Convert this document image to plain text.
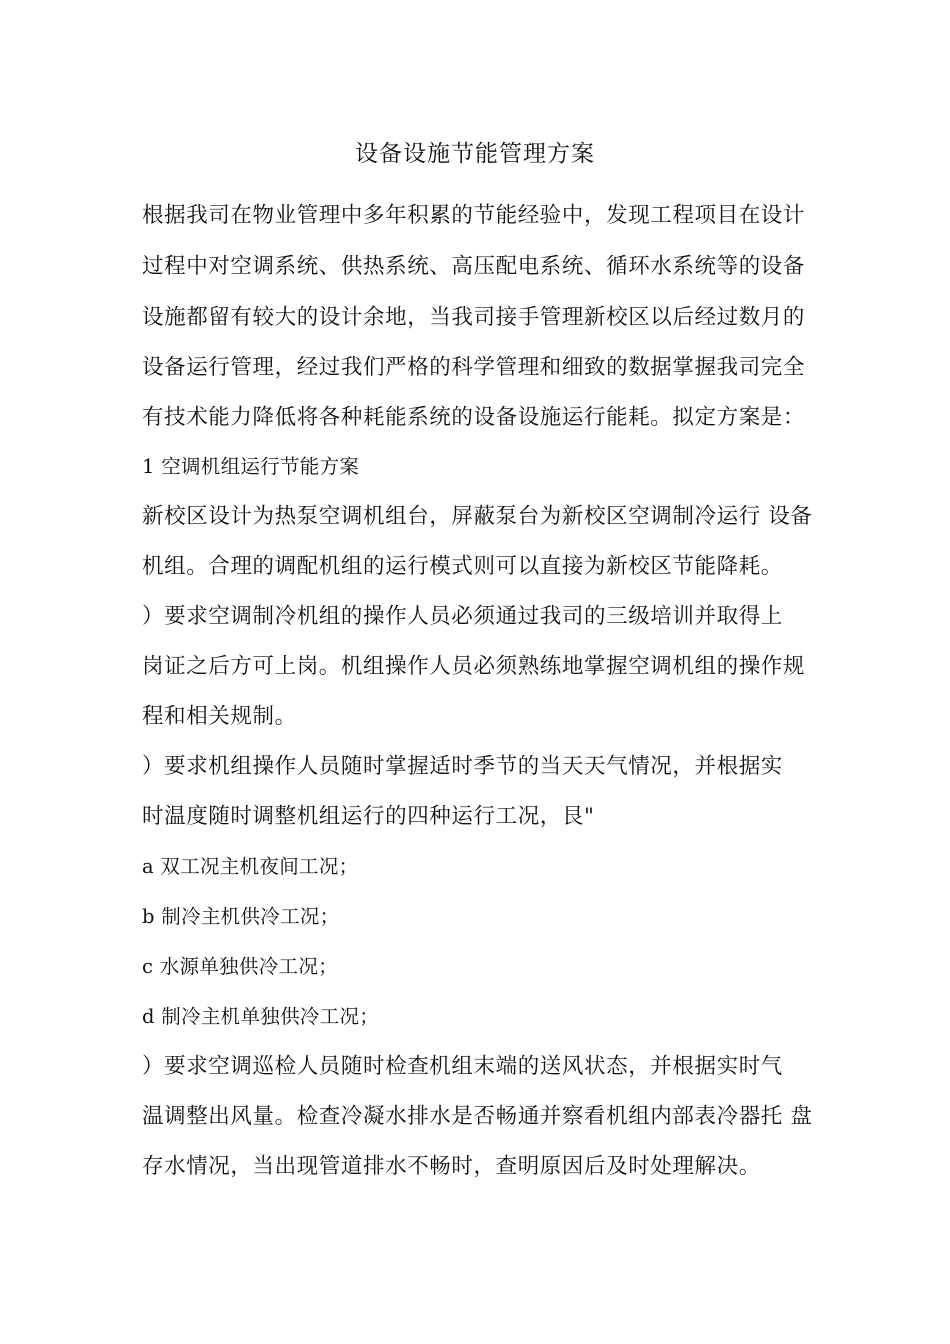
设备设施节能管理方案
根据我司在物业管理中多年积累的节能经验中，发现工程项目在设计
过程中对空调系统、供热系统、高压配电系统、循环水系统等的设备
设施都留有较大的设计余地，当我司接手管理新校区以后经过数月的
设备运行管理，经过我们严格的科学管理和细致的数据掌握我司完全
有技术能力降低将各种耗能系统的设备设施运行能耗。拟定方案是：
1 空调机组运行节能方案
新校区设计为热泵空调机组台，屏蔽泵台为新校区空调制冷运行 设备
机组。合理的调配机组的运行模式则可以直接为新校区节能降耗。
）要求空调制冷机组的操作人员必须通过我司的三级培训并取得上
岗证之后方可上岗。机组操作人员必须熟练地掌握空调机组的操作规
程和相关规制。
）要求机组操作人员随时掌握适时季节的当天天气情况，并根据实
时温度随时调整机组运行的四种运行工况，艮"
a 双工况主机夜间工况；
b 制冷主机供冷工况；
c 水源单独供冷工况；
d 制冷主机单独供冷工况；
）要求空调巡检人员随时检查机组末端的送风状态，并根据实时气
温调整出风量。检查冷凝水排水是否畅通并察看机组内部表冷器托 盘
存水情况，当出现管道排水不畅时，查明原因后及时处理解决。
